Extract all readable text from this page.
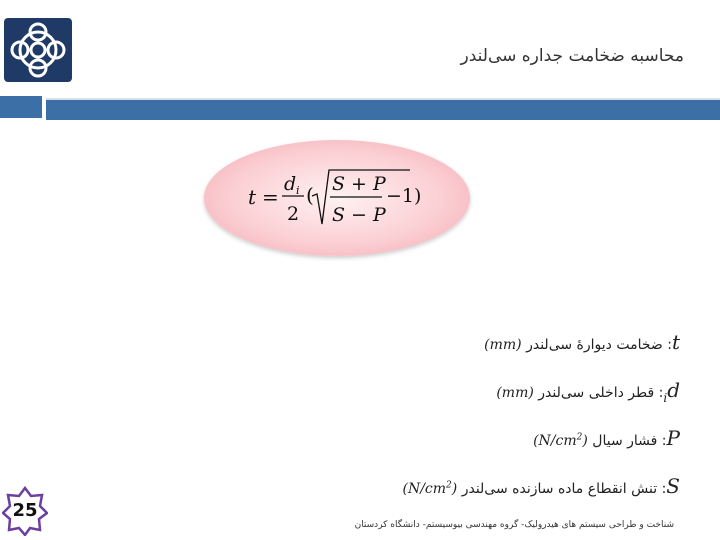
محاسبه ضخامت جداره سی‌لندر
t =
d i
2
( S + P
S − P
−1)
t: ضخامت دیوارهٔ سی‌لندر (mm)
$d_i$: قطر داخلی سی‌لندر (mm)
P: فشار سیال $(N/cm^2)$
S: تنش انقطاع ماده سازنده سی‌لندر $(N/cm^2)$
25
شناخت و طراحی سیستم های هیدرولیک- گروه مهندسی بیوسیستم- دانشگاه کردستان
